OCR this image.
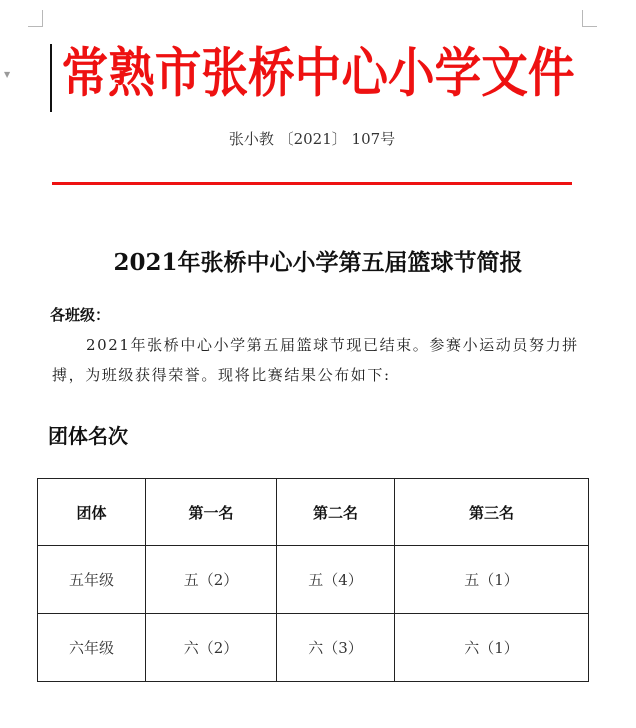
▼ 常熟市张桥中心小学文件
张小教 〔2021〕 107号
2021年张桥中心小学第五届篮球节简报
各班级：
2021年张桥中心小学第五届篮球节现已结束。参赛小运动员努力拼搏，为班级获得荣誉。现将比赛结果公布如下:
团体名次
团体	第一名	第二名	第三名
五年级	五（2）	五（4）	五（1）
六年级	六（2）	六（3）	六（1）
